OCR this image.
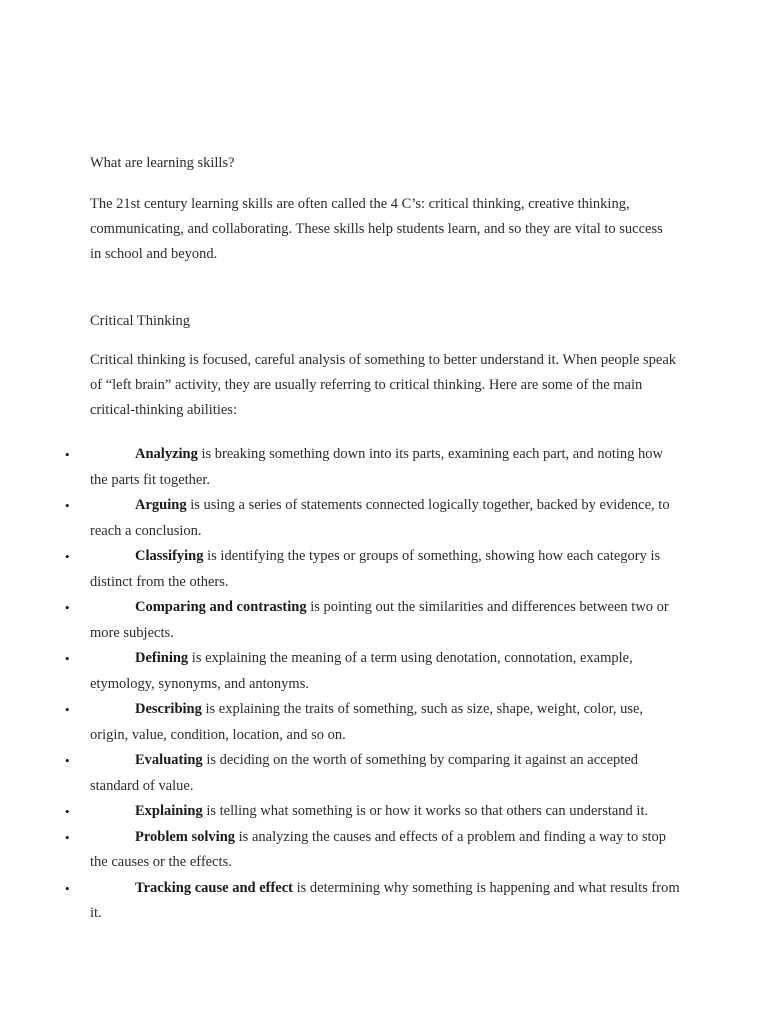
What are learning skills?

The 21st century learning skills are often called the 4 C’s: critical thinking, creative thinking, communicating, and collaborating. These skills help students learn, and so they are vital to success in school and beyond.

Critical Thinking

Critical thinking is focused, careful analysis of something to better understand it. When people speak of “left brain” activity, they are usually referring to critical thinking. Here are some of the main critical-thinking abilities:

•	Analyzing is breaking something down into its parts, examining each part, and noting how the parts fit together.
•	Arguing is using a series of statements connected logically together, backed by evidence, to reach a conclusion.
•	Classifying is identifying the types or groups of something, showing how each category is distinct from the others.
•	Comparing and contrasting is pointing out the similarities and differences between two or more subjects.
•	Defining is explaining the meaning of a term using denotation, connotation, example, etymology, synonyms, and antonyms.
•	Describing is explaining the traits of something, such as size, shape, weight, color, use, origin, value, condition, location, and so on.
•	Evaluating is deciding on the worth of something by comparing it against an accepted standard of value.
•	Explaining is telling what something is or how it works so that others can understand it.
•	Problem solving is analyzing the causes and effects of a problem and finding a way to stop the causes or the effects.
•	Tracking cause and effect is determining why something is happening and what results from it.
